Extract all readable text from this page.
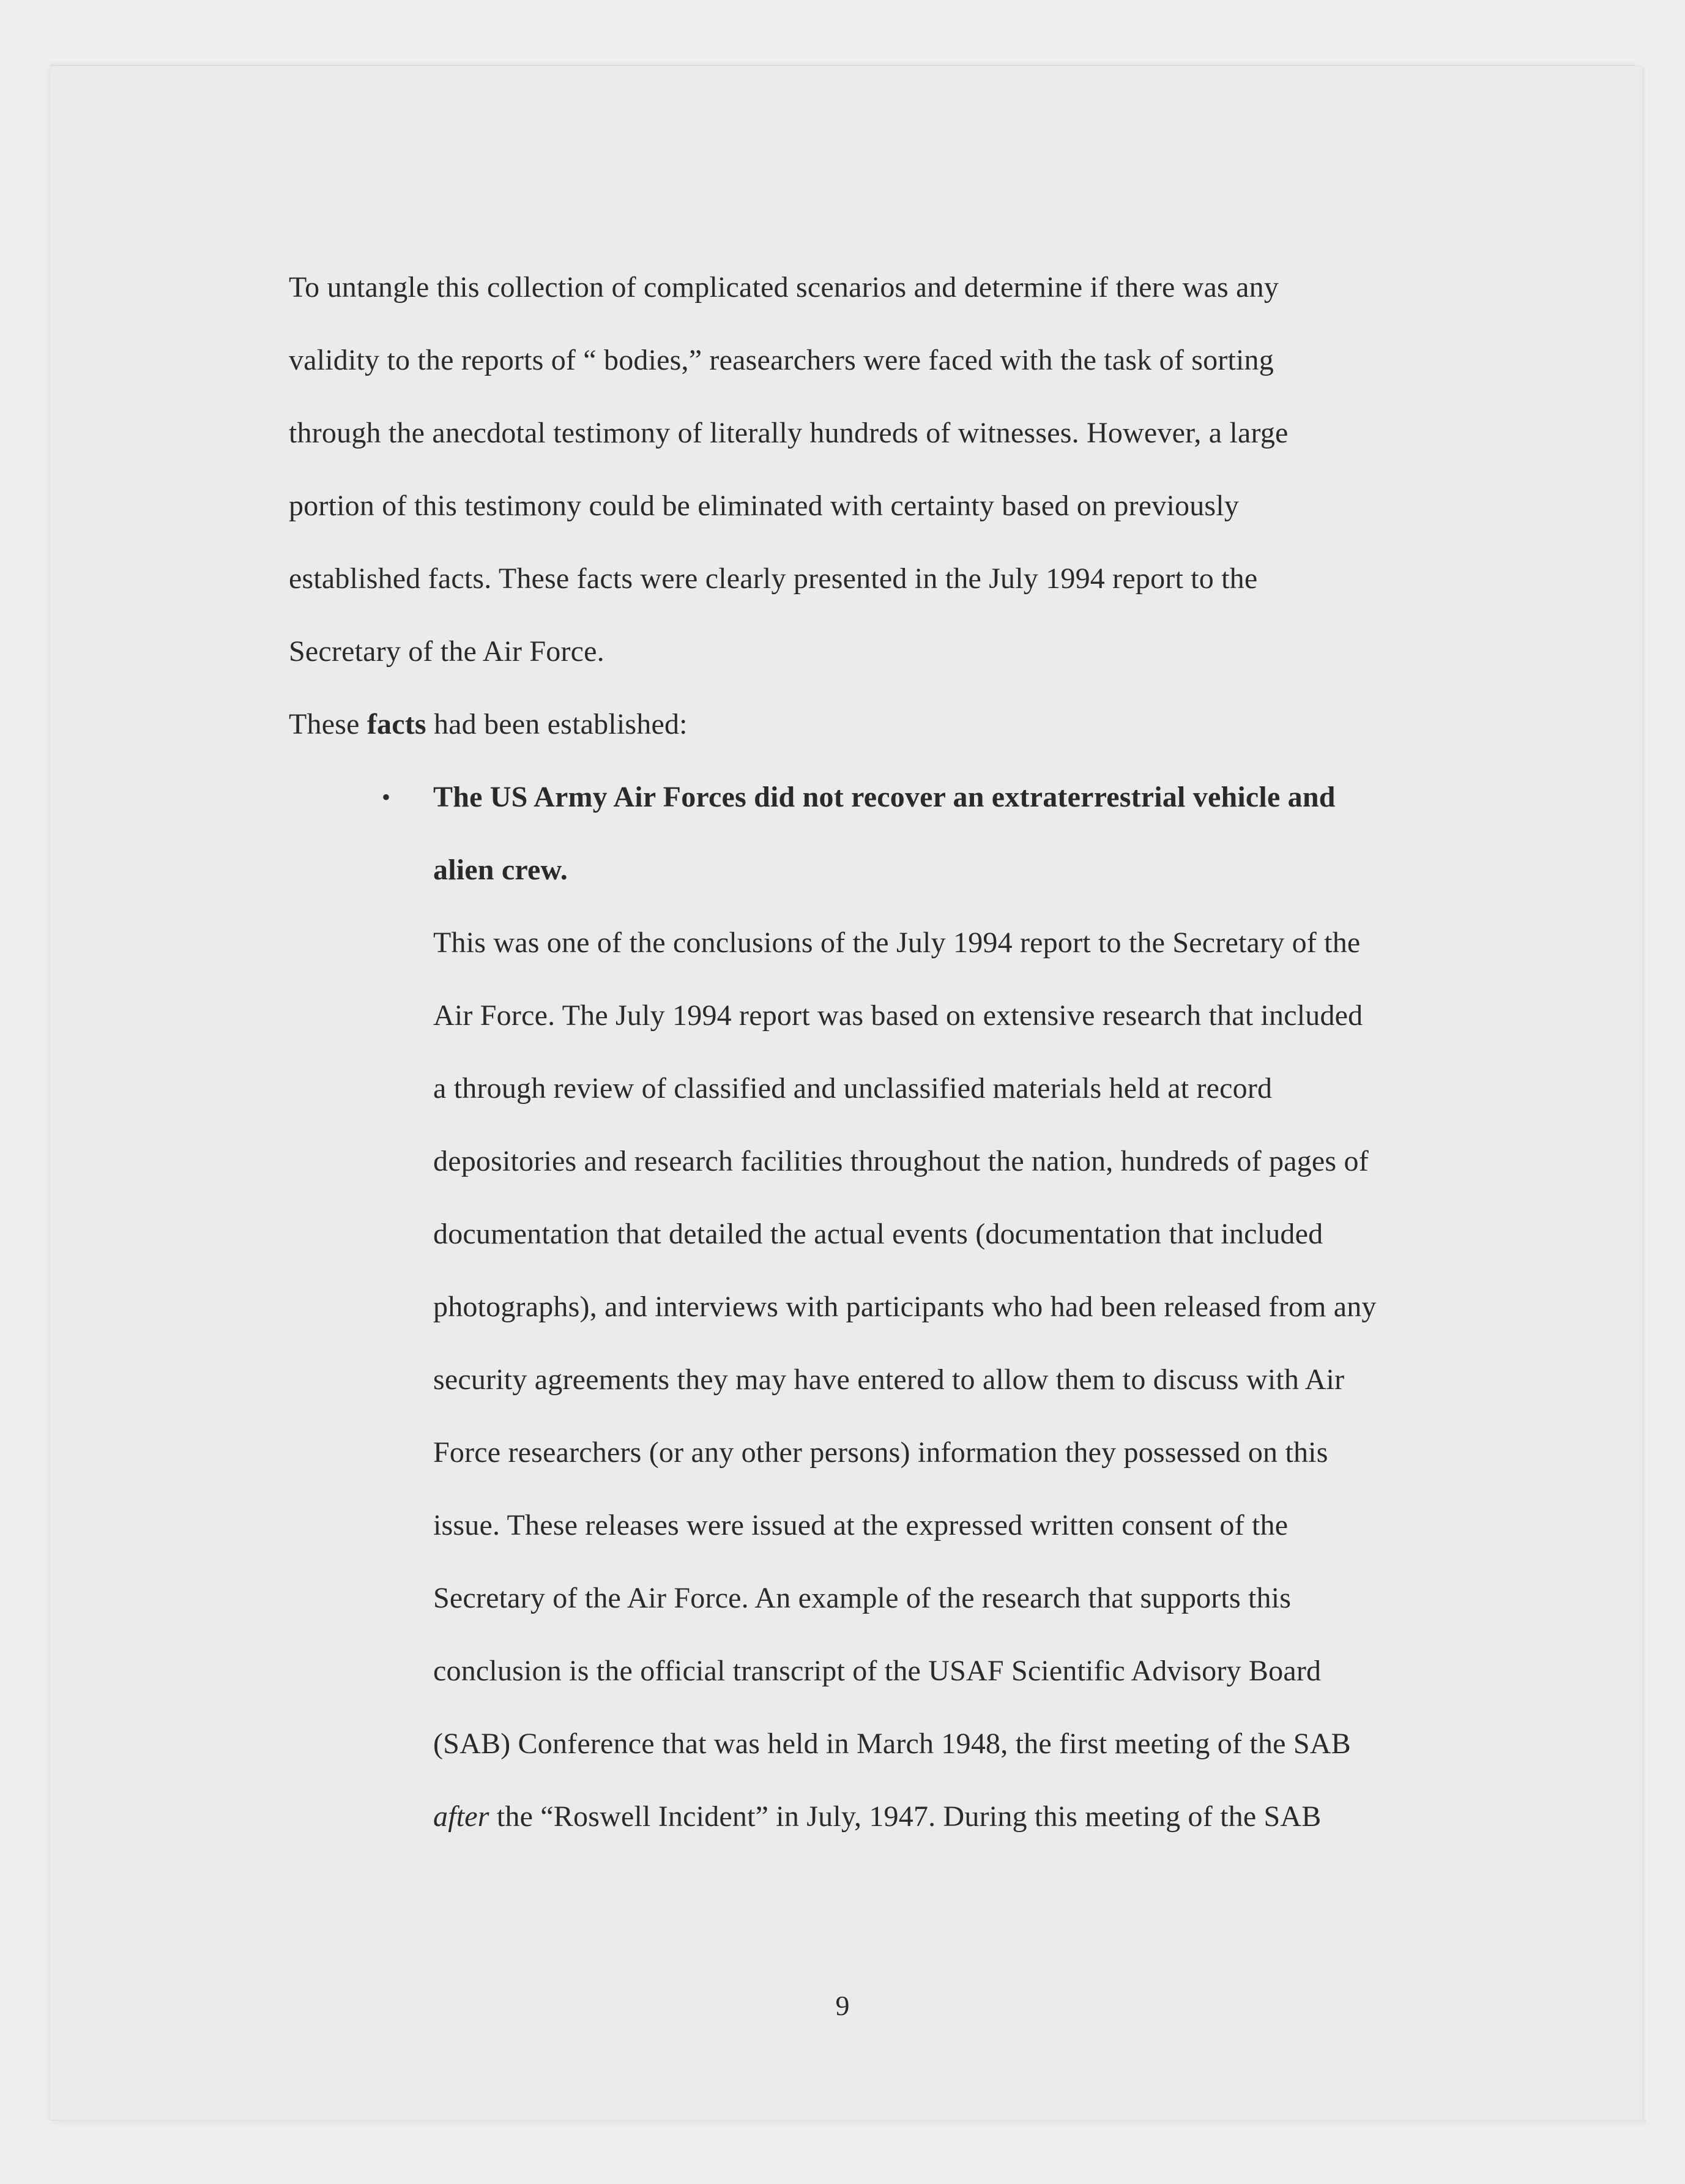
To untangle this collection of complicated scenarios and determine if there was any
validity to the reports of “ bodies,” reasearchers were faced with the task of sorting
through the anecdotal testimony of literally hundreds of witnesses. However, a large
portion of this testimony could be eliminated with certainty based on previously
established facts. These facts were clearly presented in the July 1994 report to the
Secretary of the Air Force.
These facts had been established:
• The US Army Air Forces did not recover an extraterrestrial vehicle and
alien crew.
This was one of the conclusions of the July 1994 report to the Secretary of the
Air Force. The July 1994 report was based on extensive research that included
a through review of classified and unclassified materials held at record
depositories and research facilities throughout the nation, hundreds of pages of
documentation that detailed the actual events (documentation that included
photographs), and interviews with participants who had been released from any
security agreements they may have entered to allow them to discuss with Air
Force researchers (or any other persons) information they possessed on this
issue. These releases were issued at the expressed written consent of the
Secretary of the Air Force. An example of the research that supports this
conclusion is the official transcript of the USAF Scientific Advisory Board
(SAB) Conference that was held in March 1948, the first meeting of the SAB
after the “Roswell Incident” in July, 1947. During this meeting of the SAB
9
